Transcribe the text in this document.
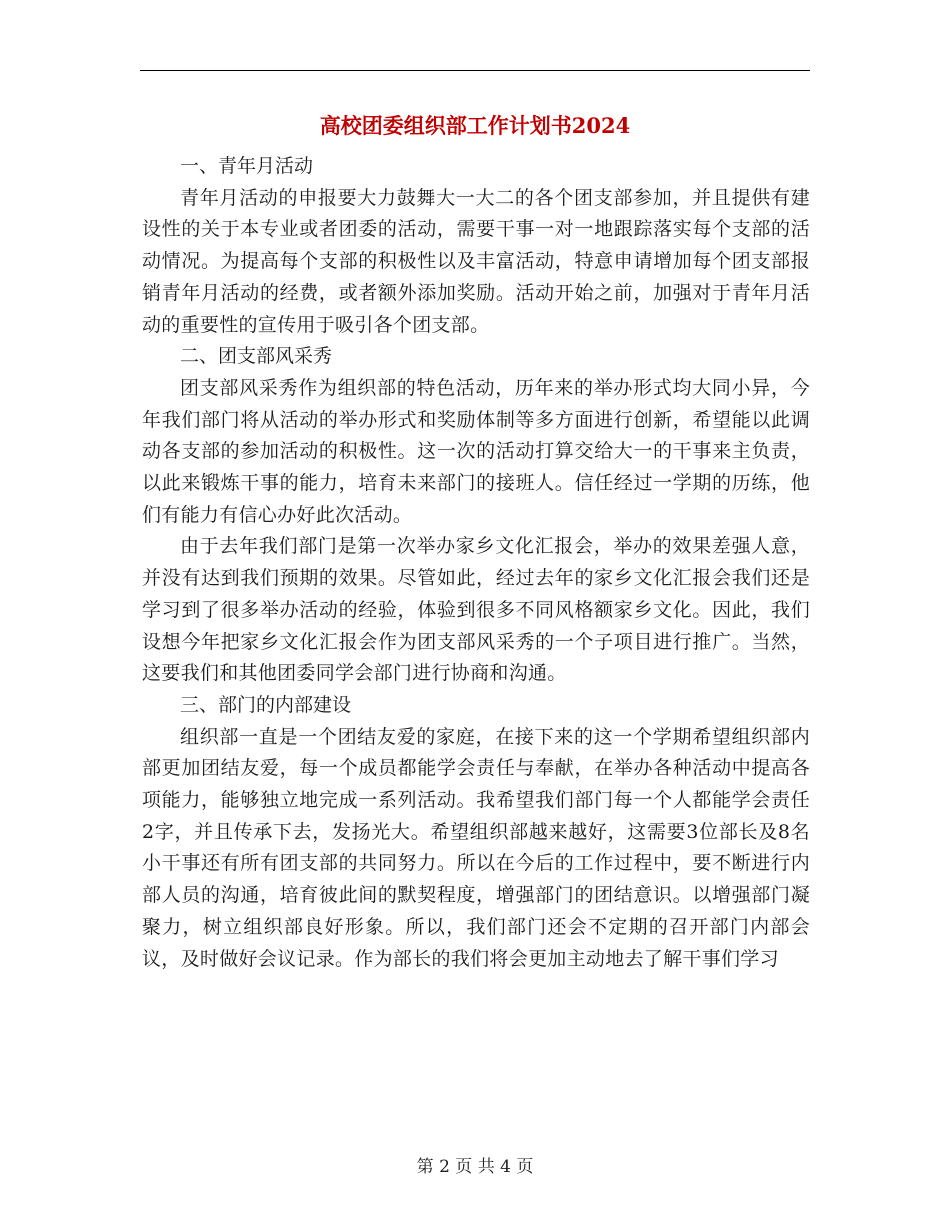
高校团委组织部工作计划书2024

一、青年月活动

青年月活动的申报要大力鼓舞大一大二的各个团支部参加，并且提供有建设性的关于本专业或者团委的活动，需要干事一对一地跟踪落实每个支部的活动情况。为提高每个支部的积极性以及丰富活动，特意申请增加每个团支部报销青年月活动的经费，或者额外添加奖励。活动开始之前，加强对于青年月活动的重要性的宣传用于吸引各个团支部。

二、团支部风采秀

团支部风采秀作为组织部的特色活动，历年来的举办形式均大同小异，今年我们部门将从活动的举办形式和奖励体制等多方面进行创新，希望能以此调动各支部的参加活动的积极性。这一次的活动打算交给大一的干事来主负责，以此来锻炼干事的能力，培育未来部门的接班人。信任经过一学期的历练，他们有能力有信心办好此次活动。

由于去年我们部门是第一次举办家乡文化汇报会，举办的效果差强人意，并没有达到我们预期的效果。尽管如此，经过去年的家乡文化汇报会我们还是学习到了很多举办活动的经验，体验到很多不同风格额家乡文化。因此，我们设想今年把家乡文化汇报会作为团支部风采秀的一个子项目进行推广。当然，这要我们和其他团委同学会部门进行协商和沟通。

三、部门的内部建设

组织部一直是一个团结友爱的家庭，在接下来的这一个学期希望组织部内部更加团结友爱，每一个成员都能学会责任与奉献，在举办各种活动中提高各项能力，能够独立地完成一系列活动。我希望我们部门每一个人都能学会责任2字，并且传承下去，发扬光大。希望组织部越来越好，这需要3位部长及8名小干事还有所有团支部的共同努力。所以在今后的工作过程中，要不断进行内部人员的沟通，培育彼此间的默契程度，增强部门的团结意识。以增强部门凝聚力，树立组织部良好形象。所以，我们部门还会不定期的召开部门内部会议，及时做好会议记录。作为部长的我们将会更加主动地去了解干事们学习

第 2 页 共 4 页
